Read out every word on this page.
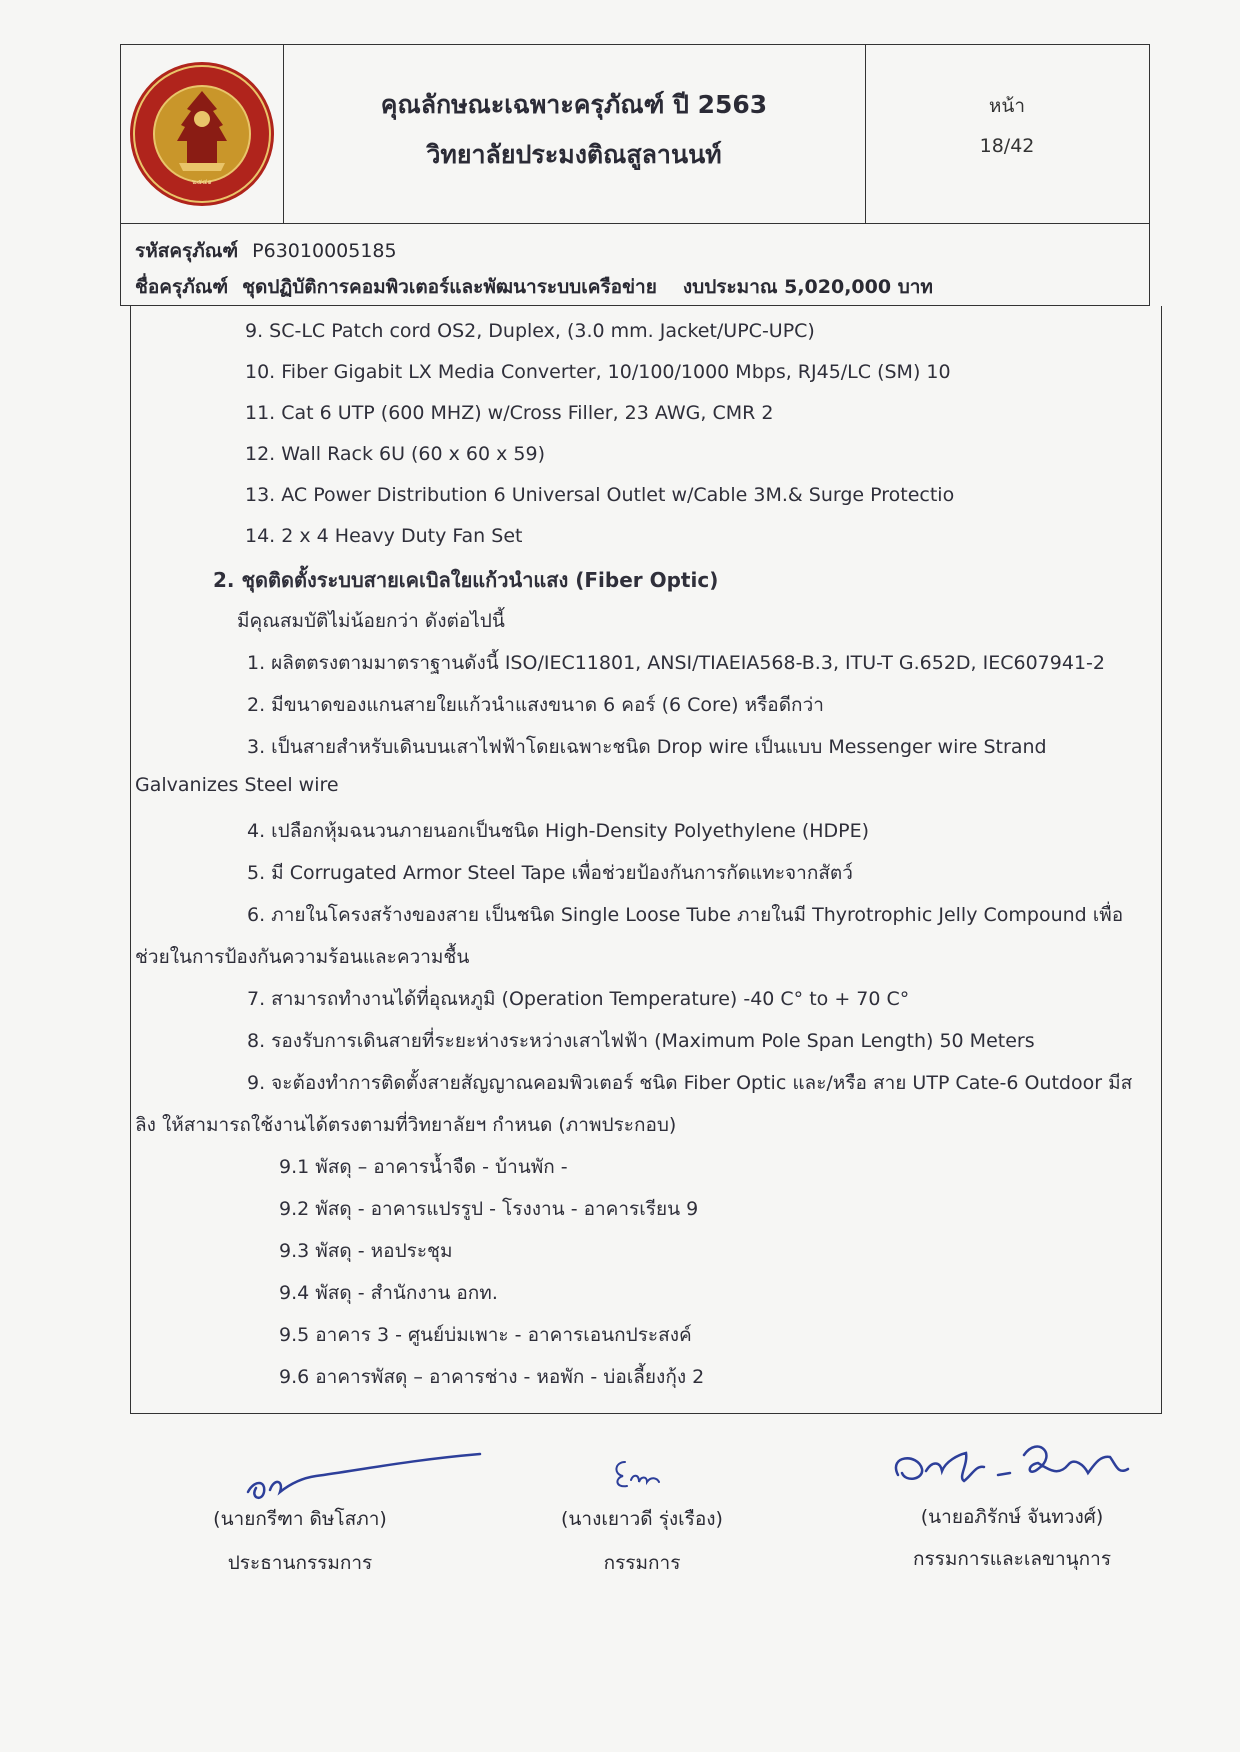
๒๕๔๑
คุณลักษณะเฉพาะครุภัณฑ์ ปี 2563
วิทยาลัยประมงติณสูลานนท์
หน้า
18/42
รหัสครุภัณฑ์ P63010005185
ชื่อครุภัณฑ์ ชุดปฏิบัติการคอมพิวเตอร์และพัฒนาระบบเครือข่าย งบประมาณ 5,020,000 บาท
9. SC-LC Patch cord OS2, Duplex, (3.0 mm. Jacket/UPC-UPC)
10. Fiber Gigabit LX Media Converter, 10/100/1000 Mbps, RJ45/LC (SM) 10
11. Cat 6 UTP (600 MHZ) w/Cross Filler, 23 AWG, CMR 2
12. Wall Rack 6U (60 x 60 x 59)
13. AC Power Distribution 6 Universal Outlet w/Cable 3M.& Surge Protectio
14. 2 x 4 Heavy Duty Fan Set
2. ชุดติดตั้งระบบสายเคเบิลใยแก้วนำแสง (Fiber Optic)
มีคุณสมบัติไม่น้อยกว่า ดังต่อไปนี้
1. ผลิตตรงตามมาตราฐานดังนี้ ISO/IEC11801, ANSI/TIAEIA568-B.3, ITU-T G.652D, IEC607941-2
2. มีขนาดของแกนสายใยแก้วนำแสงขนาด 6 คอร์ (6 Core) หรือดีกว่า
3. เป็นสายสำหรับเดินบนเสาไฟฟ้าโดยเฉพาะชนิด Drop wire เป็นแบบ Messenger wire Strand
Galvanizes Steel wire
4. เปลือกหุ้มฉนวนภายนอกเป็นชนิด High-Density Polyethylene (HDPE)
5. มี Corrugated Armor Steel Tape เพื่อช่วยป้องกันการกัดแทะจากสัตว์
6. ภายในโครงสร้างของสาย เป็นชนิด Single Loose Tube ภายในมี Thyrotrophic Jelly Compound เพื่อ
ช่วยในการป้องกันความร้อนและความชื้น
7. สามารถทำงานได้ที่อุณหภูมิ (Operation Temperature) -40 C° to + 70 C°
8. รองรับการเดินสายที่ระยะห่างระหว่างเสาไฟฟ้า (Maximum Pole Span Length) 50 Meters
9. จะต้องทำการติดตั้งสายสัญญาณคอมพิวเตอร์ ชนิด Fiber Optic และ/หรือ สาย UTP Cate-6 Outdoor มีส
ลิง ให้สามารถใช้งานได้ตรงตามที่วิทยาลัยฯ กำหนด (ภาพประกอบ)
9.1 พัสดุ – อาคารน้ำจืด - บ้านพัก -
9.2 พัสดุ - อาคารแปรรูป - โรงงาน - อาคารเรียน 9
9.3 พัสดุ - หอประชุม
9.4 พัสดุ - สำนักงาน อกท.
9.5 อาคาร 3 - ศูนย์บ่มเพาะ - อาคารเอนกประสงค์
9.6 อาคารพัสดุ – อาคารช่าง - หอพัก - บ่อเลี้ยงกุ้ง 2
(นายกรีฑา ดิษโสภา)
ประธานกรรมการ
(นางเยาวดี รุ่งเรือง)
กรรมการ
(นายอภิรักษ์ จันทวงศ์)
กรรมการและเลขานุการ
